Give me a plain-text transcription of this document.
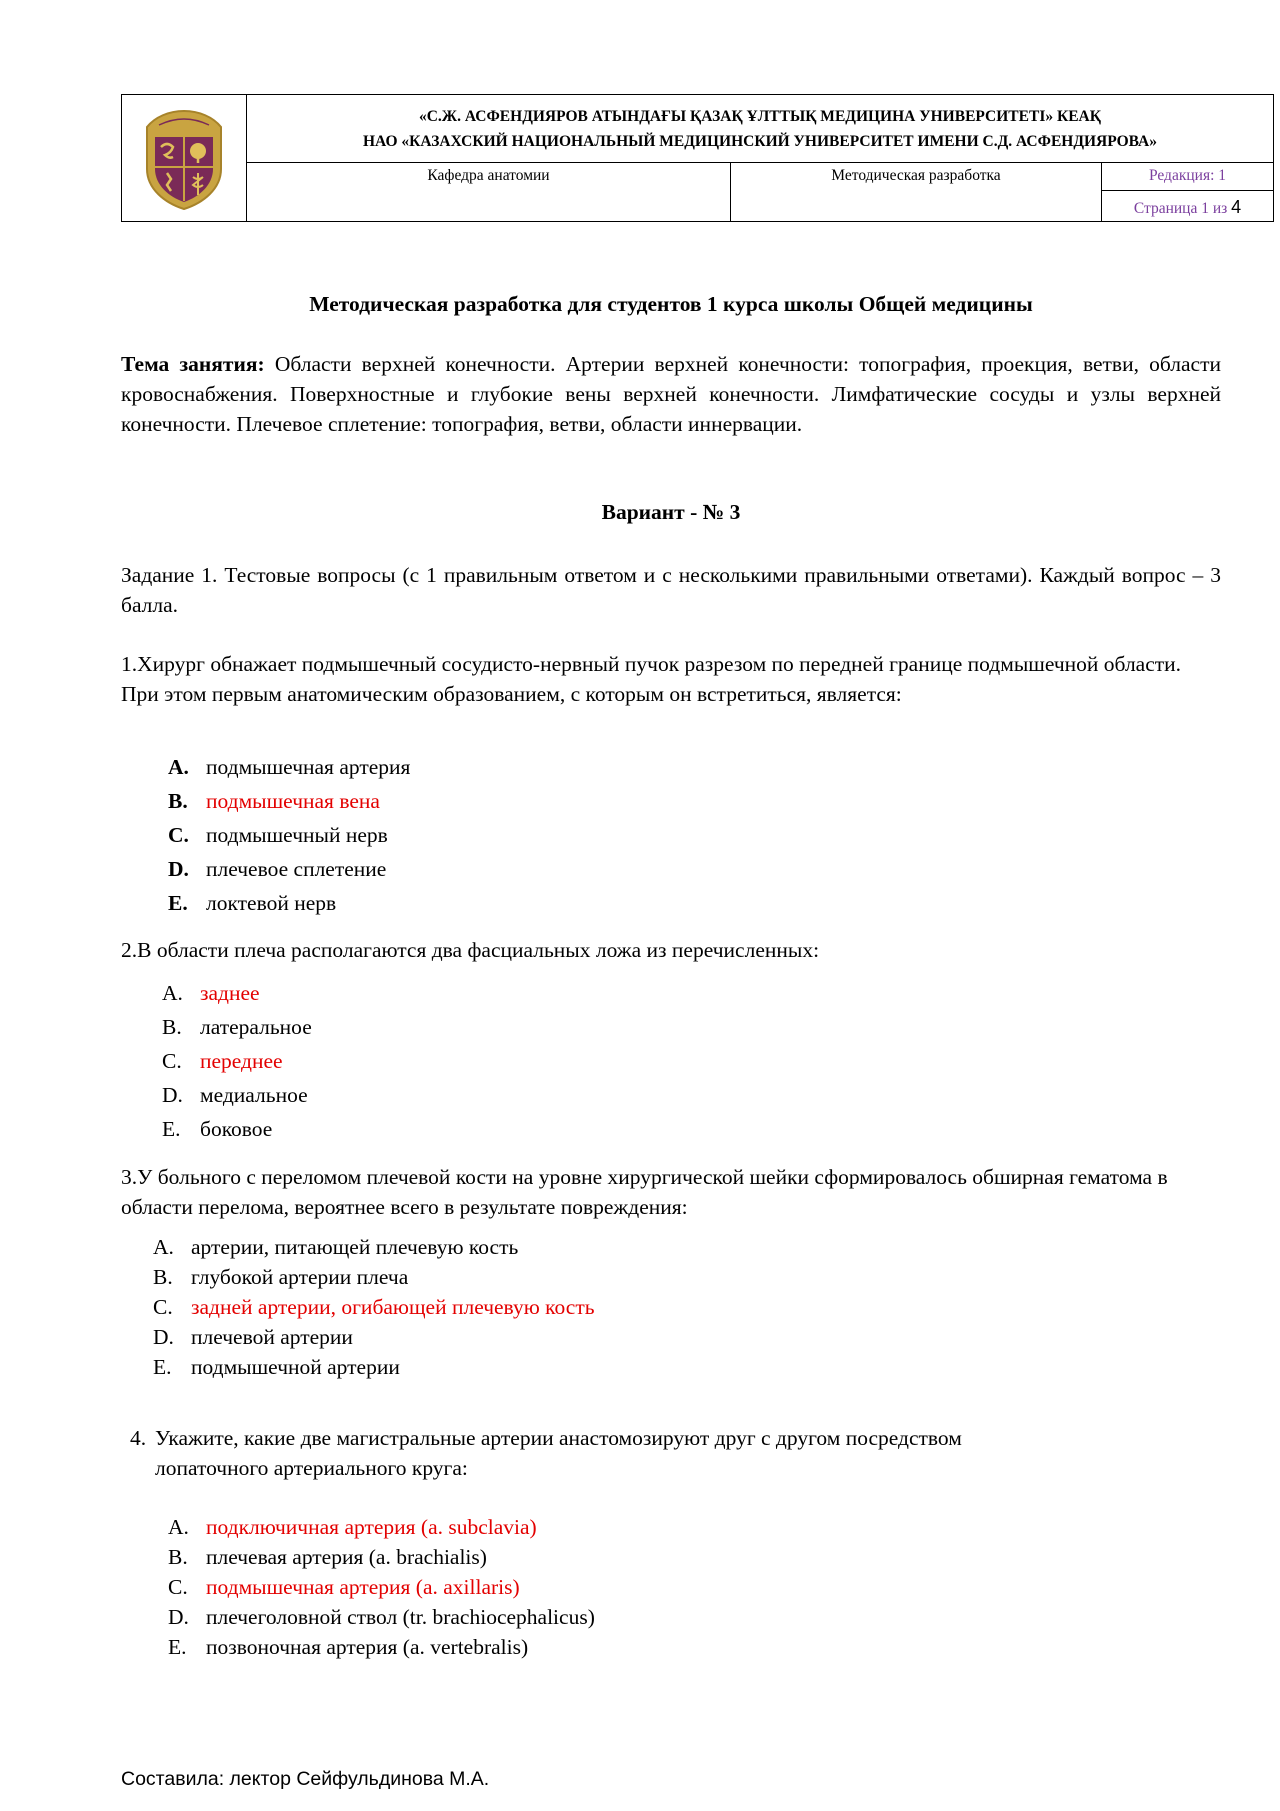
«С.Ж. АСФЕНДИЯРОВ АТЫНДАҒЫ ҚАЗАҚ ҰЛТТЫҚ МЕДИЦИНА УНИВЕРСИТЕТІ» КЕАҚ
НАО «КАЗАХСКИЙ НАЦИОНАЛЬНЫЙ МЕДИЦИНСКИЙ УНИВЕРСИТЕТ ИМЕНИ С.Д. АСФЕНДИЯРОВА»
Кафедра анатомии	Методическая разработка	Редакция: 1
Страница 1 из 4
Методическая разработка для студентов 1 курса школы Общей медицины
Тема занятия: Области верхней конечности. Артерии верхней конечности: топография, проекция, ветви, области кровоснабжения. Поверхностные и глубокие вены верхней конечности. Лимфатические сосуды и узлы верхней конечности. Плечевое сплетение: топография, ветви, области иннервации.
Вариант - № 3
Задание 1. Тестовые вопросы (с 1 правильным ответом и с несколькими правильными ответами). Каждый вопрос – 3 балла.
1.Хирург обнажает подмышечный сосудисто-нервный пучок разрезом по передней границе подмышечной области. При этом первым анатомическим образованием, с которым он встретиться, является:
A. подмышечная артерия
B. подмышечная вена
C. подмышечный нерв
D. плечевое сплетение
E. локтевой нерв
2.В области плеча располагаются два фасциальных ложа из перечисленных:
A. заднее
B. латеральное
C. переднее
D. медиальное
E. боковое
3.У больного с переломом плечевой кости на уровне хирургической шейки сформировалось обширная гематома в области перелома, вероятнее всего в результате повреждения:
A. артерии, питающей плечевую кость
B. глубокой артерии плеча
C. задней артерии, огибающей плечевую кость
D. плечевой артерии
E. подмышечной артерии
4. Укажите, какие две магистральные артерии анастомозируют друг с другом посредством лопаточного артериального круга:
A. подключичная артерия (a. subclavia)
B. плечевая артерия (a. brachialis)
C. подмышечная артерия (a. axillaris)
D. плечеголовной ствол (tr. brachiocephalicus)
E. позвоночная артерия (a. vertebralis)
Составила: лектор Сейфульдинова М.А.
